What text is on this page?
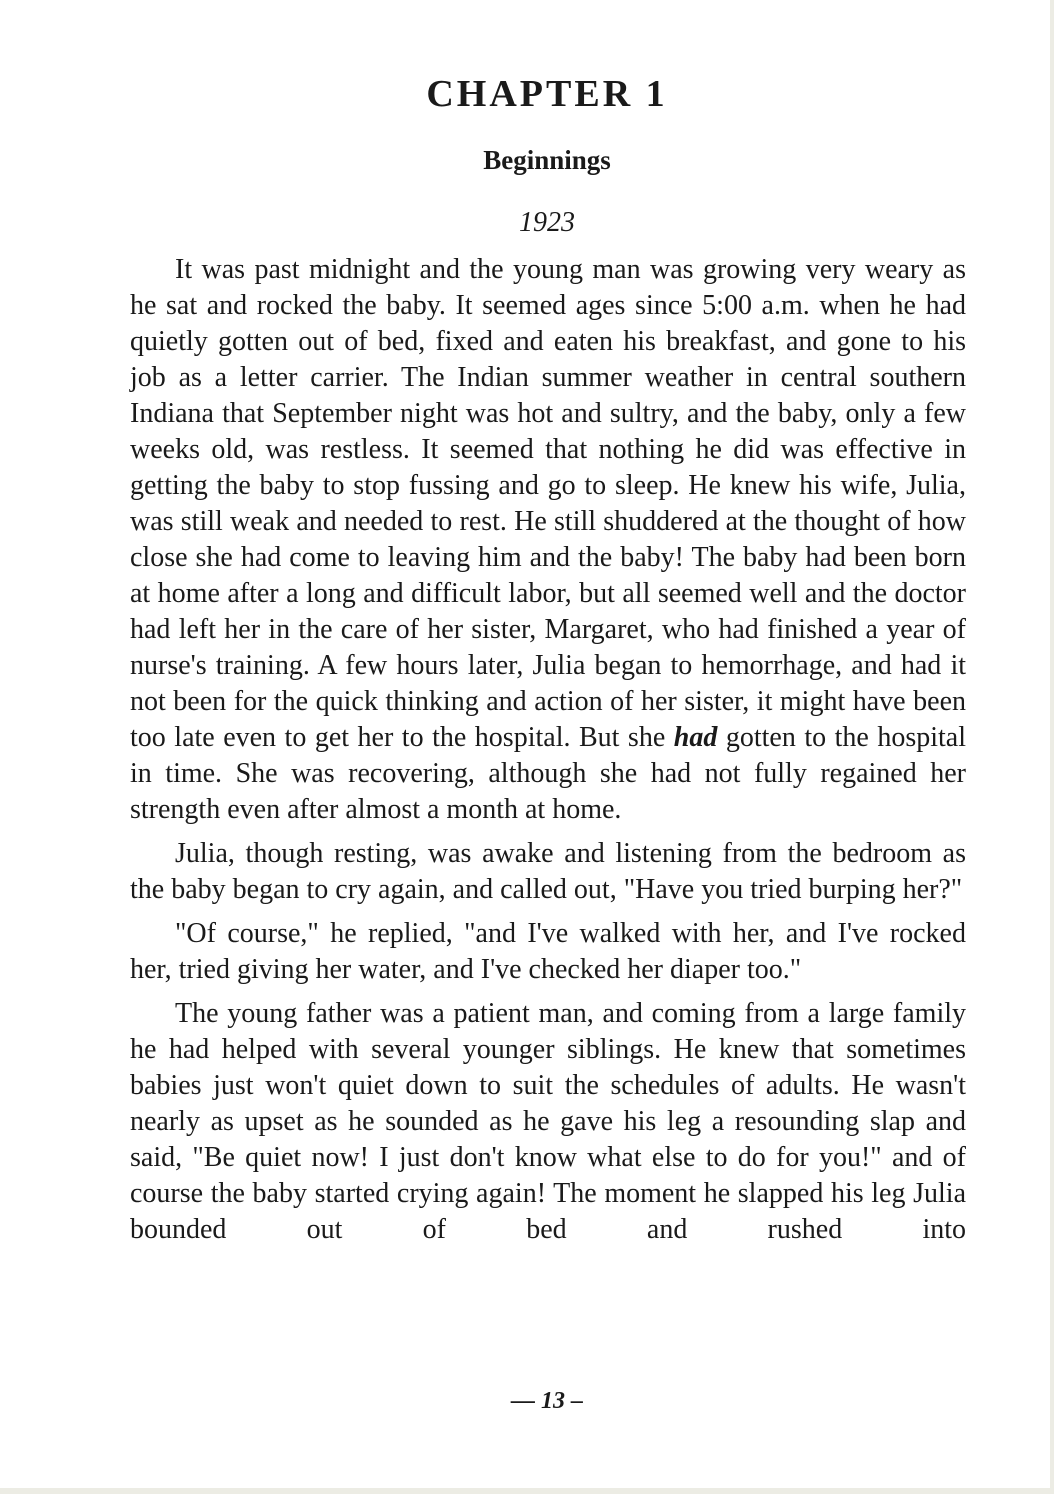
CHAPTER 1
Beginnings
1923

It was past midnight and the young man was growing very weary as he sat and rocked the baby. It seemed ages since 5:00 a.m. when he had quietly gotten out of bed, fixed and eaten his breakfast, and gone to his job as a letter carrier. The Indian summer weather in central southern Indiana that September night was hot and sultry, and the baby, only a few weeks old, was restless. It seemed that nothing he did was effective in getting the baby to stop fussing and go to sleep. He knew his wife, Julia, was still weak and needed to rest. He still shuddered at the thought of how close she had come to leaving him and the baby! The baby had been born at home after a long and difficult labor, but all seemed well and the doctor had left her in the care of her sister, Margaret, who had finished a year of nurse's training. A few hours later, Julia began to hemorrhage, and had it not been for the quick thinking and action of her sister, it might have been too late even to get her to the hospital. But she had gotten to the hospital in time. She was recovering, although she had not fully regained her strength even after almost a month at home.

Julia, though resting, was awake and listening from the bedroom as the baby began to cry again, and called out, "Have you tried burping her?"

"Of course," he replied, "and I've walked with her, and I've rocked her, tried giving her water, and I've checked her diaper too."

The young father was a patient man, and coming from a large family he had helped with several younger siblings. He knew that sometimes babies just won't quiet down to suit the schedules of adults. He wasn't nearly as upset as he sounded as he gave his leg a resounding slap and said, "Be quiet now! I just don't know what else to do for you!" and of course the baby started crying again! The moment he slapped his leg Julia bounded out of bed and rushed into

— 13 –
